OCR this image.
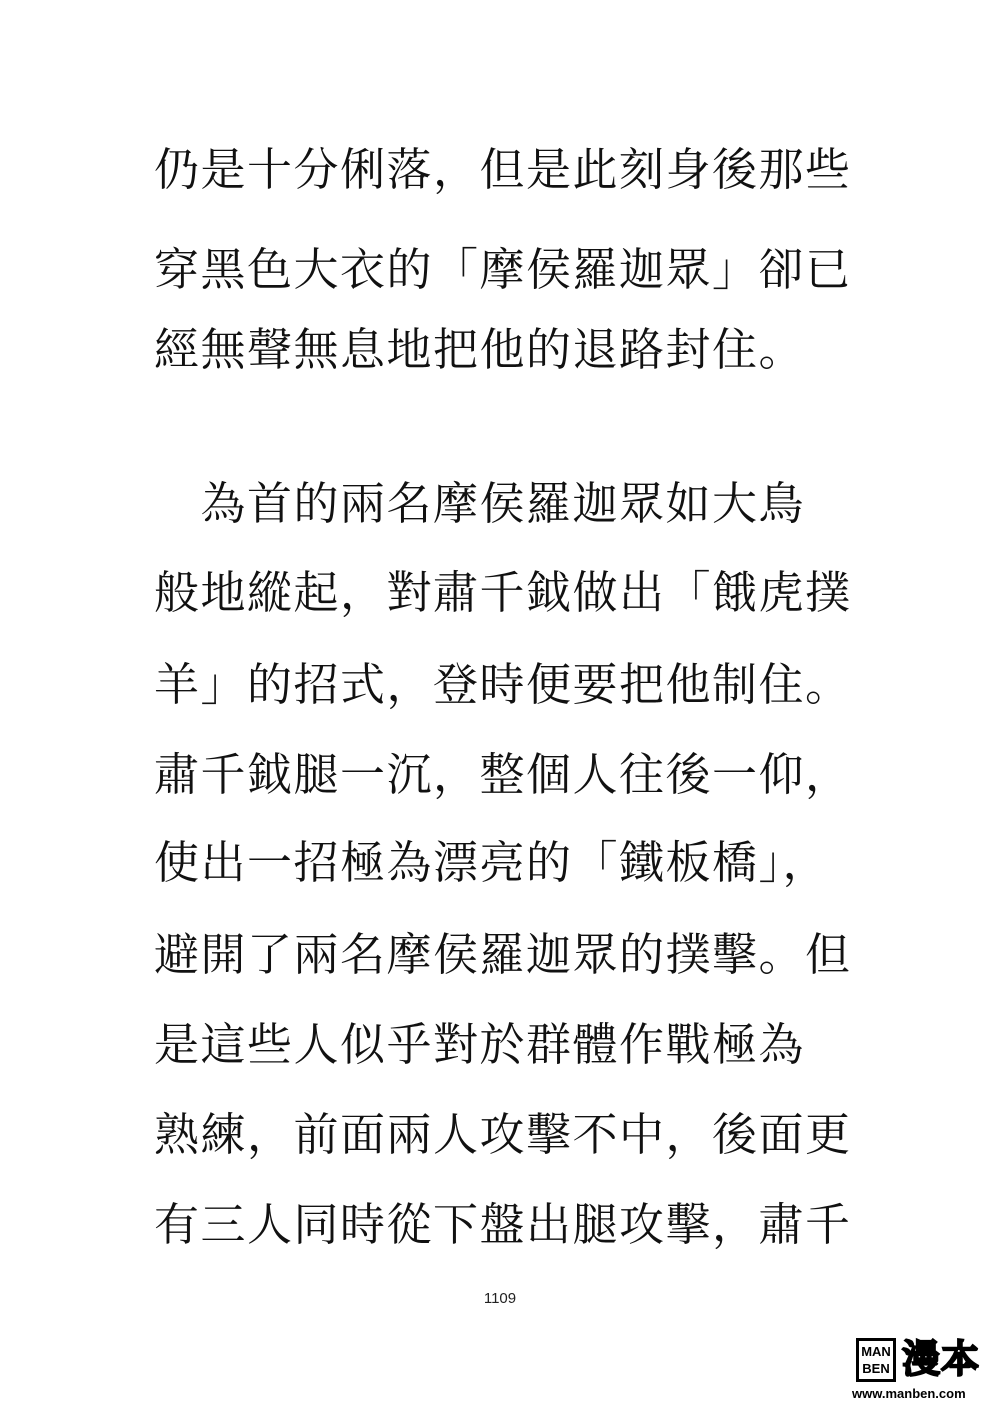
仍是十分俐落，但是此刻身後那些
穿黑色大衣的「摩侯羅迦眾」卻已
經無聲無息地把他的退路封住。
　為首的兩名摩侯羅迦眾如大鳥
般地縱起，對肅千鉞做出「餓虎撲
羊」的招式，登時便要把他制住。
肅千鉞腿一沉，整個人往後一仰，
使出一招極為漂亮的「鐵板橋」，
避開了兩名摩侯羅迦眾的撲擊。但
是這些人似乎對於群體作戰極為
熟練，前面兩人攻擊不中，後面更
有三人同時從下盤出腿攻擊，肅千
1109
MAN
BEN 漫本
www.manben.com
